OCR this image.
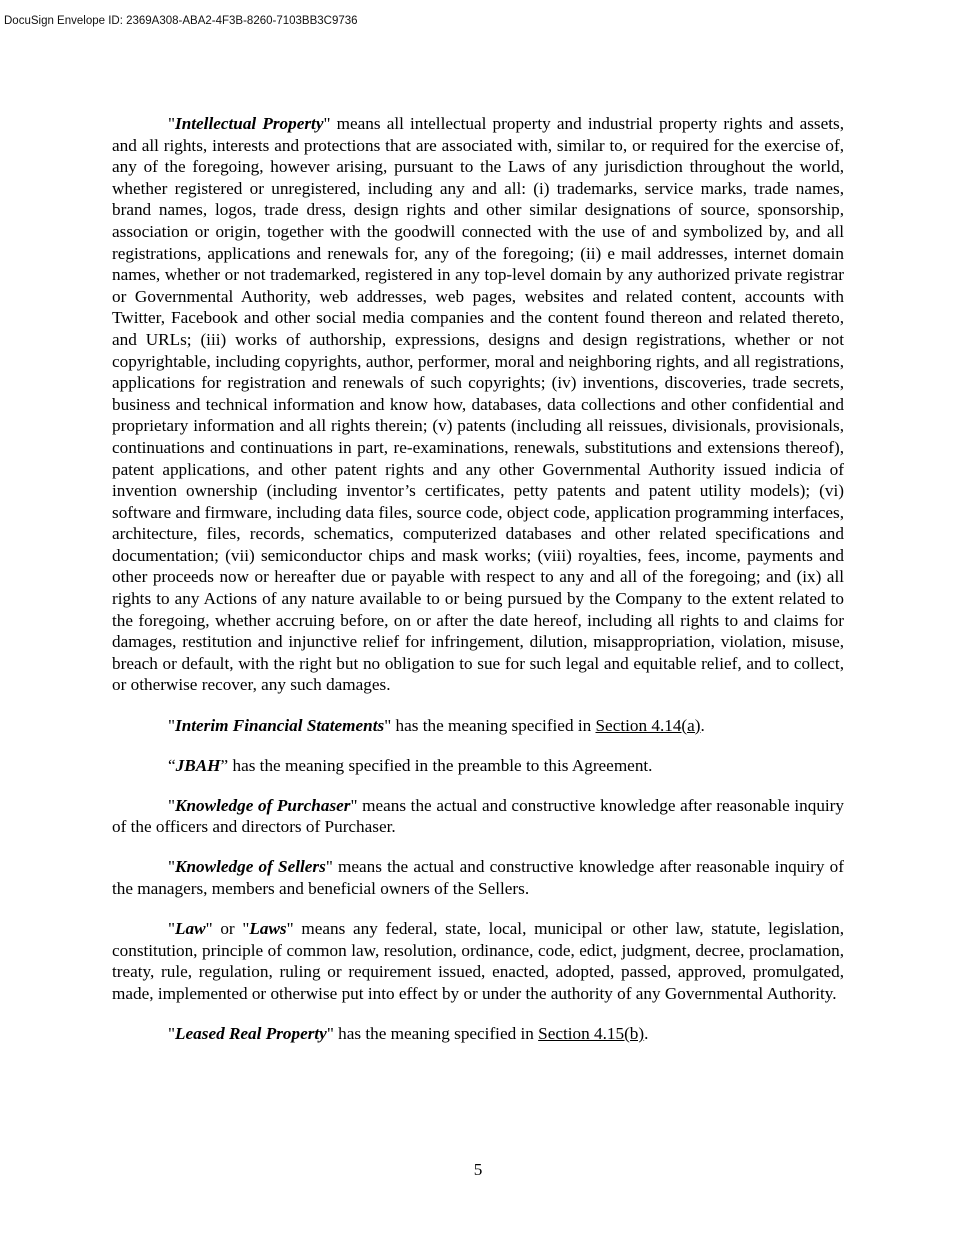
DocuSign Envelope ID: 2369A308-ABA2-4F3B-8260-7103BB3C9736

"Intellectual Property" means all intellectual property and industrial property rights and assets, and all rights, interests and protections that are associated with, similar to, or required for the exercise of, any of the foregoing, however arising, pursuant to the Laws of any jurisdiction throughout the world, whether registered or unregistered, including any and all: (i) trademarks, service marks, trade names, brand names, logos, trade dress, design rights and other similar designations of source, sponsorship, association or origin, together with the goodwill connected with the use of and symbolized by, and all registrations, applications and renewals for, any of the foregoing; (ii) e mail addresses, internet domain names, whether or not trademarked, registered in any top-level domain by any authorized private registrar or Governmental Authority, web addresses, web pages, websites and related content, accounts with Twitter, Facebook and other social media companies and the content found thereon and related thereto, and URLs; (iii) works of authorship, expressions, designs and design registrations, whether or not copyrightable, including copyrights, author, performer, moral and neighboring rights, and all registrations, applications for registration and renewals of such copyrights; (iv) inventions, discoveries, trade secrets, business and technical information and know how, databases, data collections and other confidential and proprietary information and all rights therein; (v) patents (including all reissues, divisionals, provisionals, continuations and continuations in part, re-examinations, renewals, substitutions and extensions thereof), patent applications, and other patent rights and any other Governmental Authority issued indicia of invention ownership (including inventor’s certificates, petty patents and patent utility models); (vi) software and firmware, including data files, source code, object code, application programming interfaces, architecture, files, records, schematics, computerized databases and other related specifications and documentation; (vii) semiconductor chips and mask works; (viii) royalties, fees, income, payments and other proceeds now or hereafter due or payable with respect to any and all of the foregoing; and (ix) all rights to any Actions of any nature available to or being pursued by the Company to the extent related to the foregoing, whether accruing before, on or after the date hereof, including all rights to and claims for damages, restitution and injunctive relief for infringement, dilution, misappropriation, violation, misuse, breach or default, with the right but no obligation to sue for such legal and equitable relief, and to collect, or otherwise recover, any such damages.

"Interim Financial Statements" has the meaning specified in Section 4.14(a).

“JBAH” has the meaning specified in the preamble to this Agreement.

"Knowledge of Purchaser" means the actual and constructive knowledge after reasonable inquiry of the officers and directors of Purchaser.

"Knowledge of Sellers" means the actual and constructive knowledge after reasonable inquiry of the managers, members and beneficial owners of the Sellers.

"Law" or "Laws" means any federal, state, local, municipal or other law, statute, legislation, constitution, principle of common law, resolution, ordinance, code, edict, judgment, decree, proclamation, treaty, rule, regulation, ruling or requirement issued, enacted, adopted, passed, approved, promulgated, made, implemented or otherwise put into effect by or under the authority of any Governmental Authority.

"Leased Real Property" has the meaning specified in Section 4.15(b).

5
